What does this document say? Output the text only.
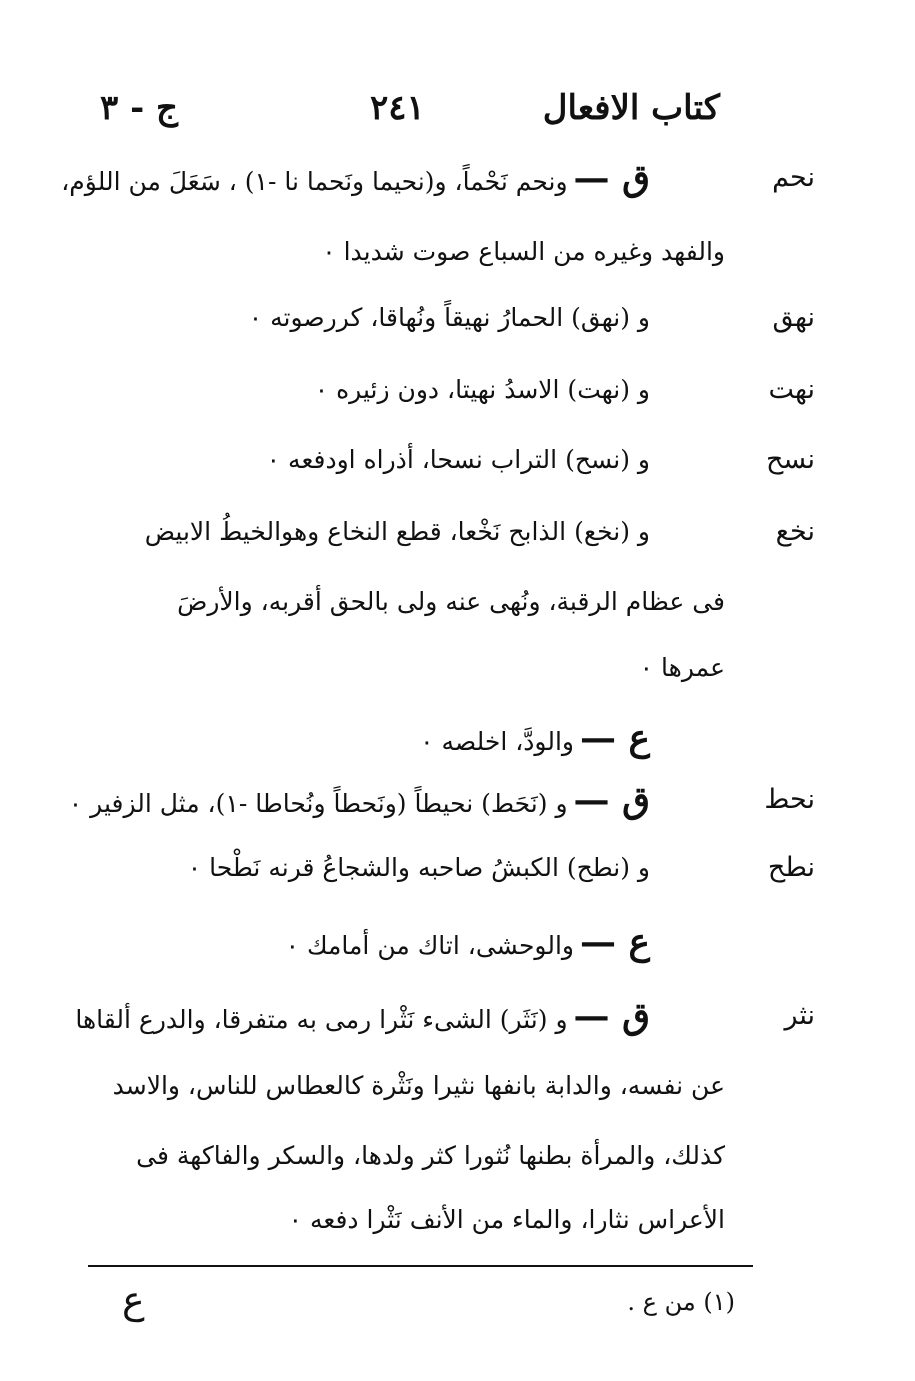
كتاب الافعال
٢٤١
ج - ٣
نحم
ق —ونحم نَحْماً، و(نحيما ونَحما نا -١) ، سَعَلَ من اللؤم،
والفهد وغيره من السباع صوت شديدا ٠
نهق
و (نهق) الحمارُ نهيقاً ونُهاقا، كررصوته ٠
نهت
و (نهت) الاسدُ نهيتا، دون زئيره ٠
نسح
و (نسح) التراب نسحا، أذراه اودفعه ٠
نخع
و (نخع) الذابح نَخْعا، قطع النخاع وهوالخيطُ الابيض
فى عظام الرقبة، ونُهى عنه ولى بالحق أقربه، والأرضَ
عمرها ٠
ع —والودَّ، اخلصه ٠
نحط
ق —و (نَحَط) نحيطاً (ونَحطاً ونُحاطا -١)، مثل الزفير ٠
نطح
و (نطح) الكبشُ صاحبه والشجاعُ قرنه نَطْحا ٠
ع —والوحشى، اتاك من أمامك ٠
نثر
ق —و (نَثَر) الشىء نَثْرا رمى به متفرقا، والدرع ألقاها
عن نفسه، والدابة بانفها نثيرا ونَثْرة كالعطاس للناس، والاسد
كذلك، والمرأة بطنها نُثورا كثر ولدها، والسكر والفاكهة فى
الأعراس نثارا، والماء من الأنف نَثْرا دفعه ٠
(١) من ع .
ع
